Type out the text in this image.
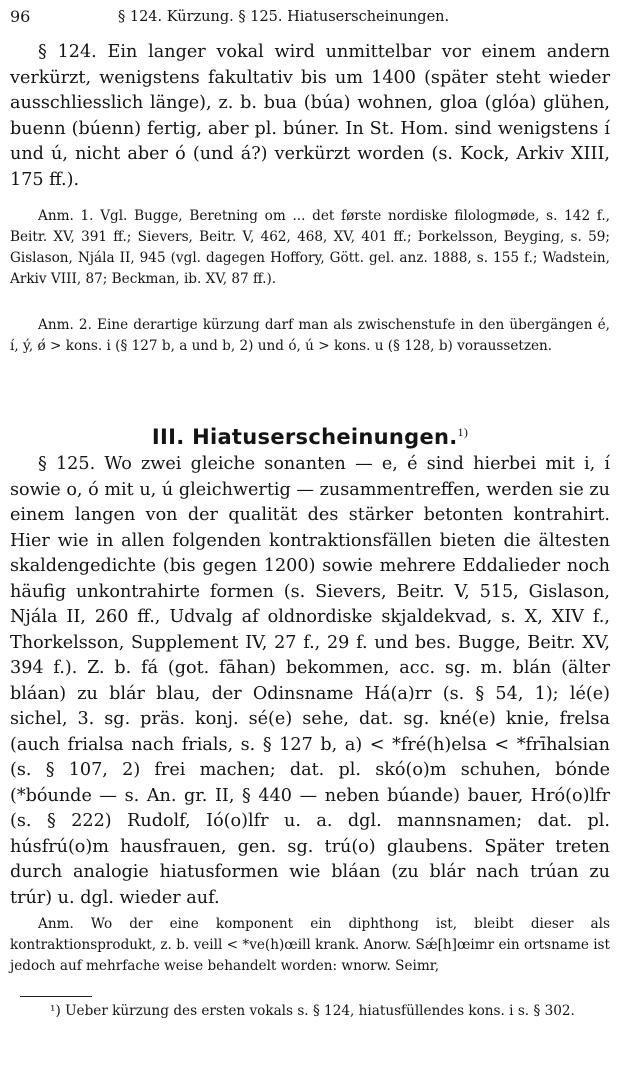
96	§ 124. Kürzung. § 125. Hiatuserscheinungen.

§ 124. Ein langer vokal wird unmittelbar vor einem andern verkürzt, wenigstens fakultativ bis um 1400 (später steht wieder ausschliesslich länge), z. b. bua (búa) wohnen, gloa (glóa) glühen, buenn (búenn) fertig, aber pl. búner. In St. Hom. sind wenigstens í und ú, nicht aber ó (und á?) verkürzt worden (s. Kock, Arkiv XIII, 175 ff.).

Anm. 1. Vgl. Bugge, Beretning om ... det første nordiske filologmøde, s. 142 f., Beitr. XV, 391 ff.; Sievers, Beitr. V, 462, 468, XV, 401 ff.; Þorkelsson, Beyging, s. 59; Gislason, Njála II, 945 (vgl. dagegen Hoffory, Gött. gel. anz. 1888, s. 155 f.; Wadstein, Arkiv VIII, 87; Beckman, ib. XV, 87 ff.).

Anm. 2. Eine derartige kürzung darf man als zwischenstufe in den übergängen é, í, ý, ǿ > kons. i (§ 127 b, a und b, 2) und ó, ú > kons. u (§ 128, b) voraussetzen.

III. Hiatuserscheinungen.$^{1)}$

§ 125. Wo zwei gleiche sonanten — e, é sind hierbei mit i, í sowie o, ó mit u, ú gleichwertig — zusammentreffen, werden sie zu einem langen von der qualität des stärker betonten kontrahirt. Hier wie in allen folgenden kontraktionsfällen bieten die ältesten skaldengedichte (bis gegen 1200) sowie mehrere Eddalieder noch häufig unkontrahirte formen (s. Sievers, Beitr. V, 515, Gislason, Njála II, 260 ff., Udvalg af oldnordiske skjaldekvad, s. X, XIV f., Thorkelsson, Supplement IV, 27 f., 29 f. und bes. Bugge, Beitr. XV, 394 f.). Z. b. fá (got. fāhan) bekommen, acc. sg. m. blán (älter bláan) zu blár blau, der Odinsname Há(a)rr (s. § 54, 1); lé(e) sichel, 3. sg. präs. konj. sé(e) sehe, dat. sg. kné(e) knie, frelsa (auch frialsa nach frials, s. § 127 b, a) < *fré(h)elsa < *frīhalsian (s. § 107, 2) frei machen; dat. pl. skó(o)m schuhen, bónde (*bóunde — s. An. gr. II, § 440 — neben búande) bauer, Hró(o)lfr (s. § 222) Rudolf, Ió(o)lfr u. a. dgl. mannsnamen; dat. pl. húsfrú(o)m hausfrauen, gen. sg. trú(o) glaubens. Später treten durch analogie hiatusformen wie bláan (zu blár nach trúan zu trúr) u. dgl. wieder auf.

Anm. Wo der eine komponent ein diphthong ist, bleibt dieser als kontraktionsprodukt, z. b. veill < *ve(h)œill krank. Anorw. Sǽ[h]œimr ein ortsname ist jedoch auf mehrfache weise behandelt worden: wnorw. Seimr,

¹) Ueber kürzung des ersten vokals s. § 124, hiatusfüllendes kons. i s. § 302.
